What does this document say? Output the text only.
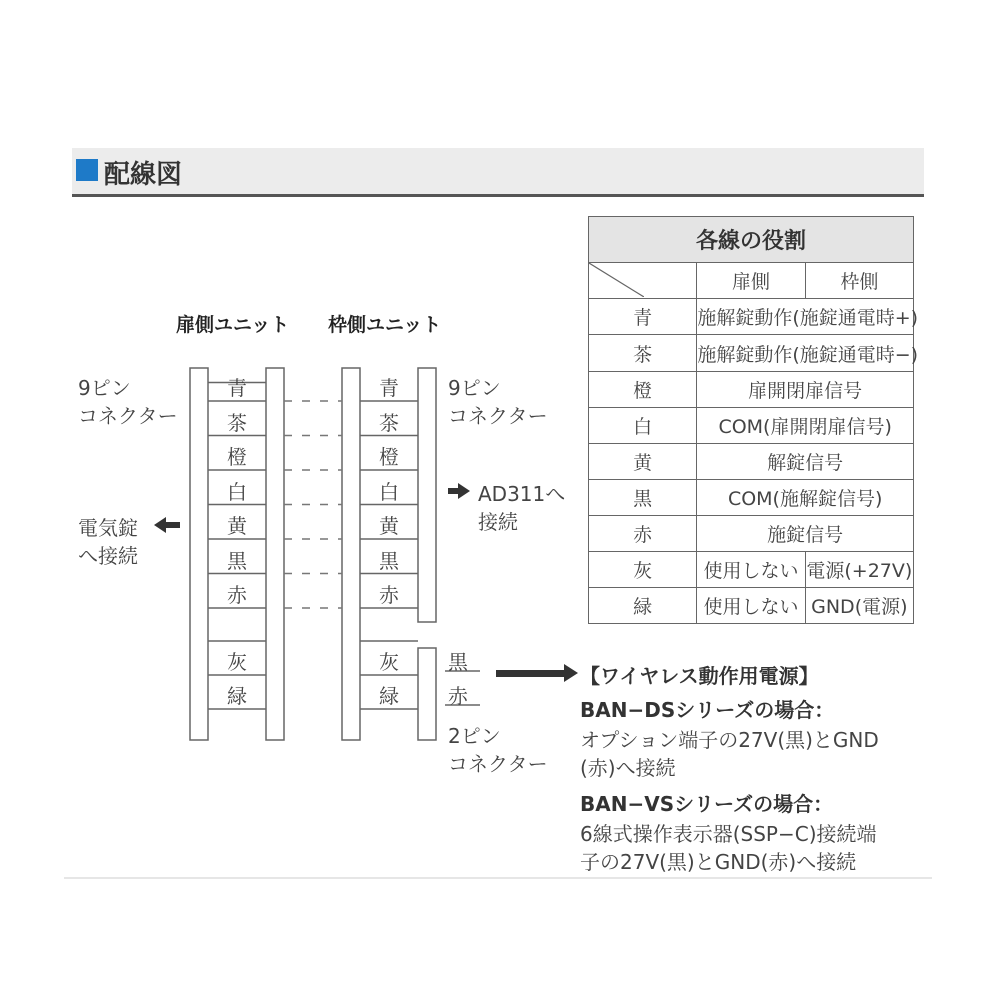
配線図
扉側ユニット 枠側ユニット
9ピン
コネクター
9ピン
コネクター
電気錠
へ接続
AD311へ
接続
2ピン
コネクター
青	青
茶	茶
橙	橙
白	白
黄	黄
黒	黒
赤	赤
灰	灰
緑	緑
黒
赤
各線の役割		

	扉側	枠側
青	施解錠動作(施錠通電時+)	
茶	施解錠動作(施錠通電時−)	
橙	扉開閉扉信号	
白	COM(扉開閉扉信号)	
黄	解錠信号	
黒	COM(施解錠信号)	
赤	施錠信号	
灰	使用しない	電源(+27V)
緑	使用しない	GND(電源)
【ワイヤレス動作用電源】
BAN−DSシリーズの場合：
オプション端子の27V(黒)とGND
(赤)へ接続
BAN−VSシリーズの場合：
6線式操作表示器(SSP−C)接続端
子の27V(黒)とGND(赤)へ接続
